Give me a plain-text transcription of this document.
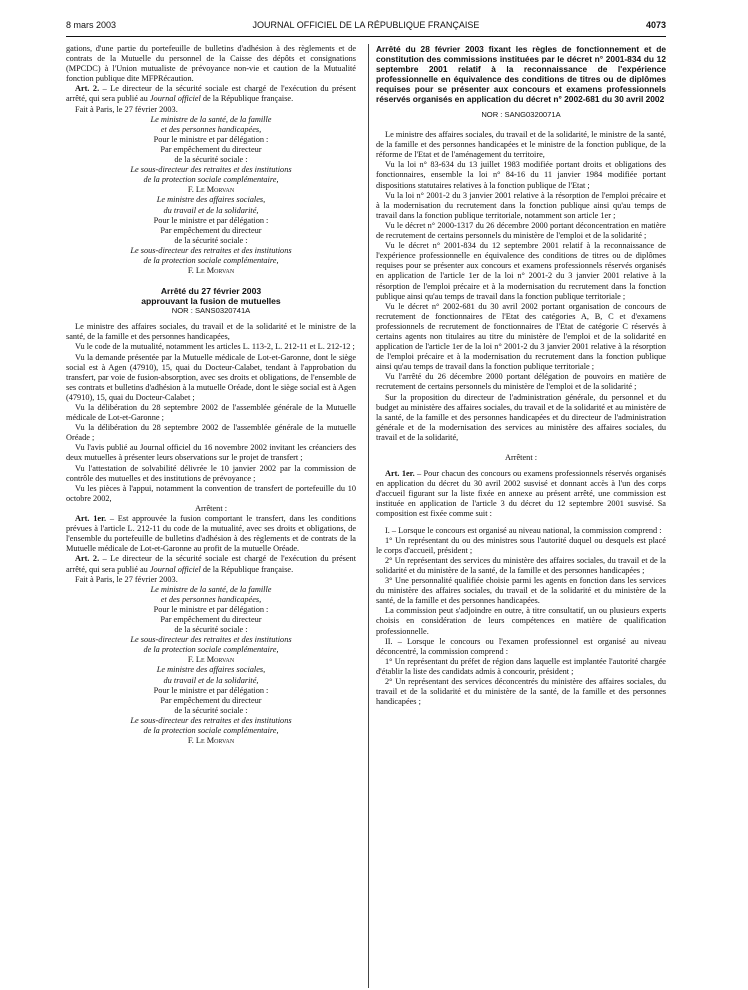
8 mars 2003	JOURNAL OFFICIEL DE LA RÉPUBLIQUE FRANÇAISE	4073

gations, d'une partie du portefeuille de bulletins d'adhésion à des règlements et de contrats de la Mutuelle du personnel de la Caisse des dépôts et consignations (MPCDC) à l'Union mutualiste de prévoyance non-vie et caution de la Mutualité fonction publique dite MFPRécaution.

Art. 2. – Le directeur de la sécurité sociale est chargé de l'exécution du présent arrêté, qui sera publié au Journal officiel de la République française.

Fait à Paris, le 27 février 2003.

Le ministre de la santé, de la famille
et des personnes handicapées,
Pour le ministre et par délégation :
Par empêchement du directeur
de la sécurité sociale :
Le sous-directeur des retraites et des institutions
de la protection sociale complémentaire,
F. Le Morvan
Le ministre des affaires sociales,
du travail et de la solidarité,
Pour le ministre et par délégation :
Par empêchement du directeur
de la sécurité sociale :
Le sous-directeur des retraites et des institutions
de la protection sociale complémentaire,
F. Le Morvan
Arrêté du 27 février 2003
approuvant la fusion de mutuelles

NOR : SANS0320741A

Le ministre des affaires sociales, du travail et de la solidarité et le ministre de la santé, de la famille et des personnes handicapées,

Vu le code de la mutualité, notamment les articles L. 113-2, L. 212-11 et L. 212-12 ;

Vu la demande présentée par la Mutuelle médicale de Lot-et-Garonne, dont le siège social est à Agen (47910), 15, quai du Docteur-Calabet, tendant à l'approbation du transfert, par voie de fusion-absorption, avec ses droits et obligations, de l'ensemble de ses contrats et bulletins d'adhésion à la mutuelle Oréade, dont le siège social est à Agen (47910), 15, quai du Docteur-Calabet ;

Vu la délibération du 28 septembre 2002 de l'assemblée générale de la Mutuelle médicale de Lot-et-Garonne ;

Vu la délibération du 28 septembre 2002 de l'assemblée générale de la mutuelle Oréade ;

Vu l'avis publié au Journal officiel du 16 novembre 2002 invitant les créanciers des deux mutuelles à présenter leurs observations sur le projet de transfert ;

Vu l'attestation de solvabilité délivrée le 10 janvier 2002 par la commission de contrôle des mutuelles et des institutions de prévoyance ;

Vu les pièces à l'appui, notamment la convention de transfert de portefeuille du 10 octobre 2002,

Arrêtent :

Art. 1er. – Est approuvée la fusion comportant le transfert, dans les conditions prévues à l'article L. 212-11 du code de la mutualité, avec ses droits et obligations, de l'ensemble du portefeuille de bulletins d'adhésion à des règlements et de contrats de la Mutuelle médicale de Lot-et-Garonne au profit de la mutuelle Oréade.

Art. 2. – Le directeur de la sécurité sociale est chargé de l'exécution du présent arrêté, qui sera publié au Journal officiel de la République française.

Fait à Paris, le 27 février 2003.

Le ministre de la santé, de la famille
et des personnes handicapées,
Pour le ministre et par délégation :
Par empêchement du directeur
de la sécurité sociale :
Le sous-directeur des retraites et des institutions
de la protection sociale complémentaire,
F. Le Morvan
Le ministre des affaires sociales,
du travail et de la solidarité,
Pour le ministre et par délégation :
Par empêchement du directeur
de la sécurité sociale :
Le sous-directeur des retraites et des institutions
de la protection sociale complémentaire,
F. Le Morvan

Arrêté du 28 février 2003 fixant les règles de fonctionnement et de constitution des commissions instituées par le décret n° 2001-834 du 12 septembre 2001 relatif à la reconnaissance de l'expérience professionnelle en équivalence des conditions de titres ou de diplômes requises pour se présenter aux concours et examens professionnels réservés organisés en application du décret n° 2002-681 du 30 avril 2002

NOR : SANG0320071A

Le ministre des affaires sociales, du travail et de la solidarité, le ministre de la santé, de la famille et des personnes handicapées et le ministre de la fonction publique, de la réforme de l'Etat et de l'aménagement du territoire,

Vu la loi n° 83-634 du 13 juillet 1983 modifiée portant droits et obligations des fonctionnaires, ensemble la loi n° 84-16 du 11 janvier 1984 modifiée portant dispositions statutaires relatives à la fonction publique de l'Etat ;

Vu la loi n° 2001-2 du 3 janvier 2001 relative à la résorption de l'emploi précaire et à la modernisation du recrutement dans la fonction publique ainsi qu'au temps de travail dans la fonction publique territoriale, notamment son article 1er ;

Vu le décret n° 2000-1317 du 26 décembre 2000 portant déconcentration en matière de recrutement de certains personnels du ministère de l'emploi et de la solidarité ;

Vu le décret n° 2001-834 du 12 septembre 2001 relatif à la reconnaissance de l'expérience professionnelle en équivalence des conditions de titres ou de diplômes requises pour se présenter aux concours et examens professionnels réservés organisés en application de l'article 1er de la loi n° 2001-2 du 3 janvier 2001 relative à la résorption de l'emploi précaire et à la modernisation du recrutement dans la fonction publique ainsi qu'au temps de travail dans la fonction publique territoriale ;

Vu le décret n° 2002-681 du 30 avril 2002 portant organisation de concours de recrutement de fonctionnaires de l'Etat des catégories A, B, C et d'examens professionnels de recrutement de fonctionnaires de l'Etat de catégorie C réservés à certains agents non titulaires au titre du ministère de l'emploi et de la solidarité en application de l'article 1er de la loi n° 2001-2 du 3 janvier 2001 relative à la résorption de l'emploi précaire et à la modernisation du recrutement dans la fonction publique ainsi qu'au temps de travail dans la fonction publique territoriale ;

Vu l'arrêté du 26 décembre 2000 portant délégation de pouvoirs en matière de recrutement de certains personnels du ministère de l'emploi et de la solidarité ;

Sur la proposition du directeur de l'administration générale, du personnel et du budget au ministère des affaires sociales, du travail et de la solidarité et au ministère de la santé, de la famille et des personnes handicapées et du directeur de l'administration générale et de la modernisation des services au ministère des affaires sociales, du travail et de la solidarité,

Arrêtent :

Art. 1er. – Pour chacun des concours ou examens professionnels réservés organisés en application du décret du 30 avril 2002 susvisé et donnant accès à l'un des corps d'accueil figurant sur la liste fixée en annexe au présent arrêté, une commission est instituée en application de l'article 3 du décret du 12 septembre 2001 susvisé. Sa composition est fixée comme suit :

I. – Lorsque le concours est organisé au niveau national, la commission comprend :

1° Un représentant du ou des ministres sous l'autorité duquel ou desquels est placé le corps d'accueil, président ;

2° Un représentant des services du ministère des affaires sociales, du travail et de la solidarité et du ministère de la santé, de la famille et des personnes handicapées ;

3° Une personnalité qualifiée choisie parmi les agents en fonction dans les services du ministère des affaires sociales, du travail et de la solidarité et du ministère de la santé, de la famille et des personnes handicapées.

La commission peut s'adjoindre en outre, à titre consultatif, un ou plusieurs experts choisis en considération de leurs compétences en matière de qualification professionnelle.

II. – Lorsque le concours ou l'examen professionnel est organisé au niveau déconcentré, la commission comprend :

1° Un représentant du préfet de région dans laquelle est implantée l'autorité chargée d'établir la liste des candidats admis à concourir, président ;

2° Un représentant des services déconcentrés du ministère des affaires sociales, du travail et de la solidarité et du ministère de la santé, de la famille et des personnes handicapées ;
